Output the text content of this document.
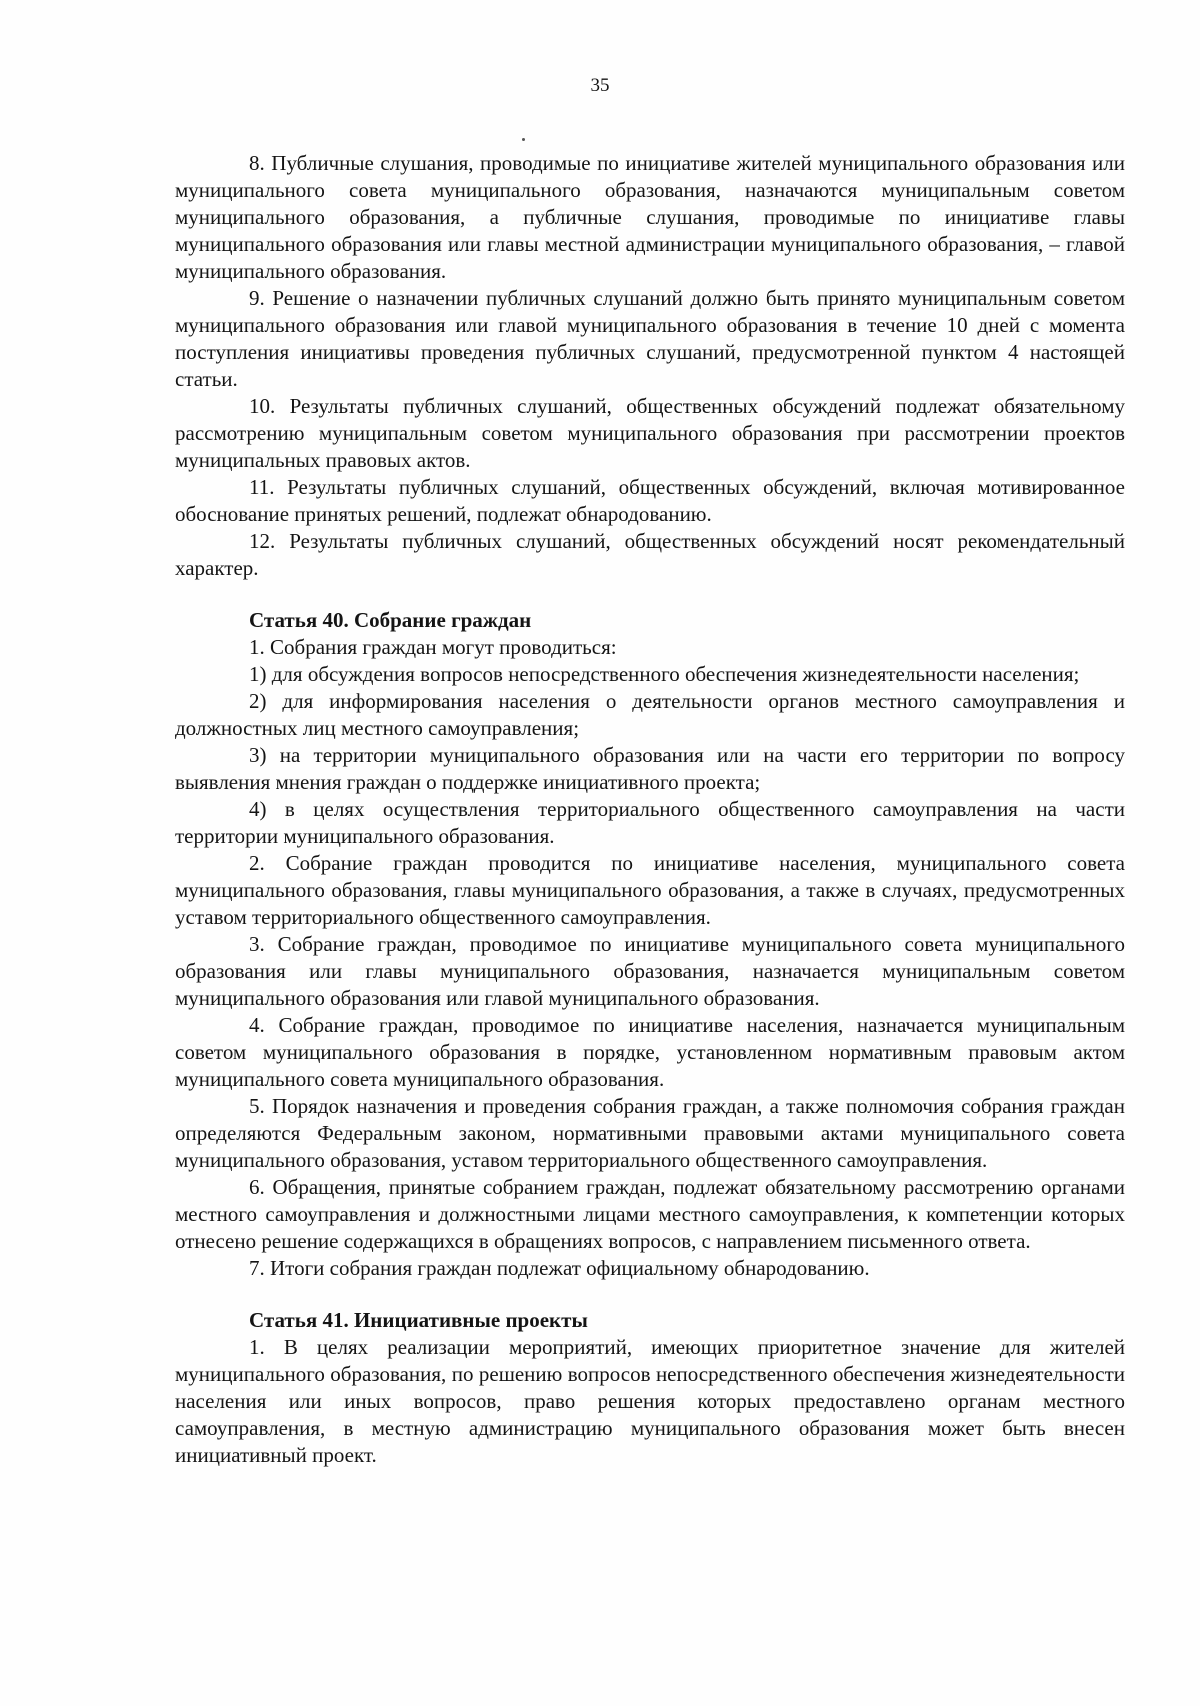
35

8. Публичные слушания, проводимые по инициативе жителей муниципального образования или муниципального совета муниципального образования, назначаются муниципальным советом муниципального образования, а публичные слушания, проводимые по инициативе главы муниципального образования или главы местной администрации муниципального образования, – главой муниципального образования.

9. Решение о назначении публичных слушаний должно быть принято муниципальным советом муниципального образования или главой муниципального образования в течение 10 дней с момента поступления инициативы проведения публичных слушаний, предусмотренной пунктом 4 настоящей статьи.

10. Результаты публичных слушаний, общественных обсуждений подлежат обязательному рассмотрению муниципальным советом муниципального образования при рассмотрении проектов муниципальных правовых актов.

11. Результаты публичных слушаний, общественных обсуждений, включая мотивированное обоснование принятых решений, подлежат обнародованию.

12. Результаты публичных слушаний, общественных обсуждений носят рекомендательный характер.

Статья 40. Собрание граждан

1. Собрания граждан могут проводиться:

1) для обсуждения вопросов непосредственного обеспечения жизнедеятельности населения;

2) для информирования населения о деятельности органов местного самоуправления и должностных лиц местного самоуправления;

3) на территории муниципального образования или на части его территории по вопросу выявления мнения граждан о поддержке инициативного проекта;

4) в целях осуществления территориального общественного самоуправления на части территории муниципального образования.

2. Собрание граждан проводится по инициативе населения, муниципального совета муниципального образования, главы муниципального образования, а также в случаях, предусмотренных уставом территориального общественного самоуправления.

3. Собрание граждан, проводимое по инициативе муниципального совета муниципального образования или главы муниципального образования, назначается муниципальным советом муниципального образования или главой муниципального образования.

4. Собрание граждан, проводимое по инициативе населения, назначается муниципальным советом муниципального образования в порядке, установленном нормативным правовым актом муниципального совета муниципального образования.

5. Порядок назначения и проведения собрания граждан, а также полномочия собрания граждан определяются Федеральным законом, нормативными правовыми актами муниципального совета муниципального образования, уставом территориального общественного самоуправления.

6. Обращения, принятые собранием граждан, подлежат обязательному рассмотрению органами местного самоуправления и должностными лицами местного самоуправления, к компетенции которых отнесено решение содержащихся в обращениях вопросов, с направлением письменного ответа.

7. Итоги собрания граждан подлежат официальному обнародованию.

Статья 41. Инициативные проекты

1. В целях реализации мероприятий, имеющих приоритетное значение для жителей муниципального образования, по решению вопросов непосредственного обеспечения жизнедеятельности населения или иных вопросов, право решения которых предоставлено органам местного самоуправления, в местную администрацию муниципального образования может быть внесен инициативный проект.
